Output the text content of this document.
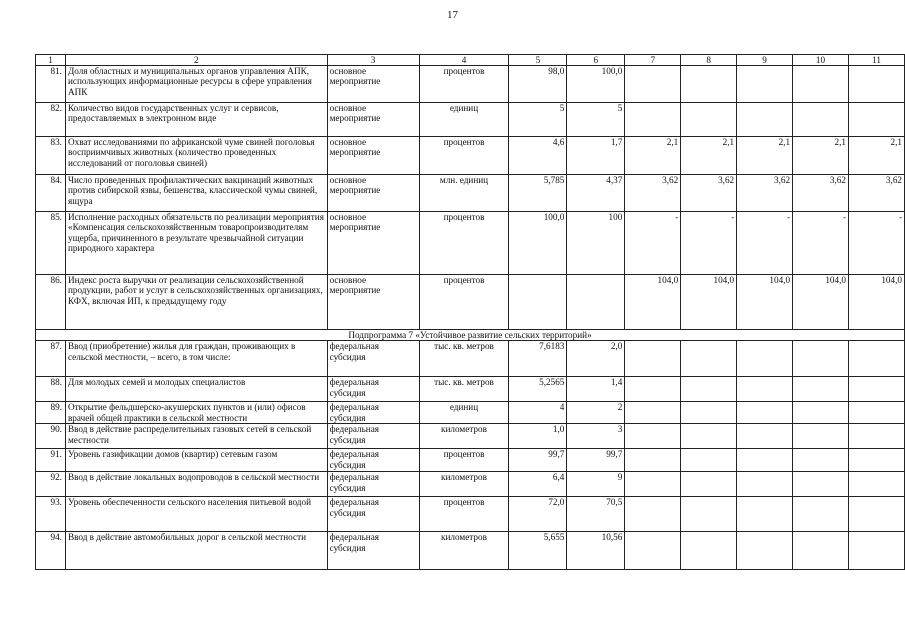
17
1	2	3	4	5	6	7	8	9	10	11
81.	Доля областных и муниципальных органов управления АПК, использующих информационные ресурсы в сфере управления АПК	основное мероприятие	процентов	98,0	100,0					
82.	Количество видов государственных услуг и сервисов, предоставляемых в электронном виде	основное мероприятие	единиц	5	5					
83.	Охват исследованиями по африканской чуме свиней поголовья восприимчивых животных (количество проведенных исследований от поголовья свиней)	основное мероприятие	процентов	4,6	1,7	2,1	2,1	2,1	2,1	2,1
84.	Число проведенных профилактических вакцинаций животных против сибирской язвы, бешенства, классической чумы свиней, ящура	основное мероприятие	млн. единиц	5,785	4,37	3,62	3,62	3,62	3,62	3,62
85.	Исполнение расходных обязательств по реализации мероприятия «Компенсация сельскохозяйственным товаропроизводителям ущерба, причиненного в результате чрезвычайной ситуации природного характера	основное мероприятие	процентов	100,0	100	-	-	-	-	-
86.	Индекс роста выручки от реализации сельскохозяйственной продукции, работ и услуг в сельскохозяйственных организациях, КФХ, включая ИП, к предыдущему году	основное мероприятие	процентов			104,0	104,0	104,0	104,0	104,0
Подпрограмма 7 «Устойчивое развитие сельских территорий»										
87.	Ввод (приобретение) жилья для граждан, проживающих в сельской местности, – всего, в том числе:	федеральная субсидия	тыс. кв. метров	7,6183	2,0					
88.	Для молодых семей и молодых специалистов	федеральная субсидия	тыс. кв. метров	5,2565	1,4					
89.	Открытие фельдшерско-акушерских пунктов и (или) офисов врачей общей практики в сельской местности	федеральная субсидия	единиц	4	2					
90.	Ввод в действие распределительных газовых сетей в сельской местности	федеральная субсидия	километров	1,0	3					
91.	Уровень газификации домов (квартир) сетевым газом	федеральная субсидия	процентов	99,7	99,7					
92.	Ввод в действие локальных водопроводов в сельской местности	федеральная субсидия	километров	6,4	9					
93.	Уровень обеспеченности сельского населения питьевой водой	федеральная субсидия	процентов	72,0	70,5					
94.	Ввод в действие автомобильных дорог в сельской местности	федеральная субсидия	километров	5,655	10,56					
